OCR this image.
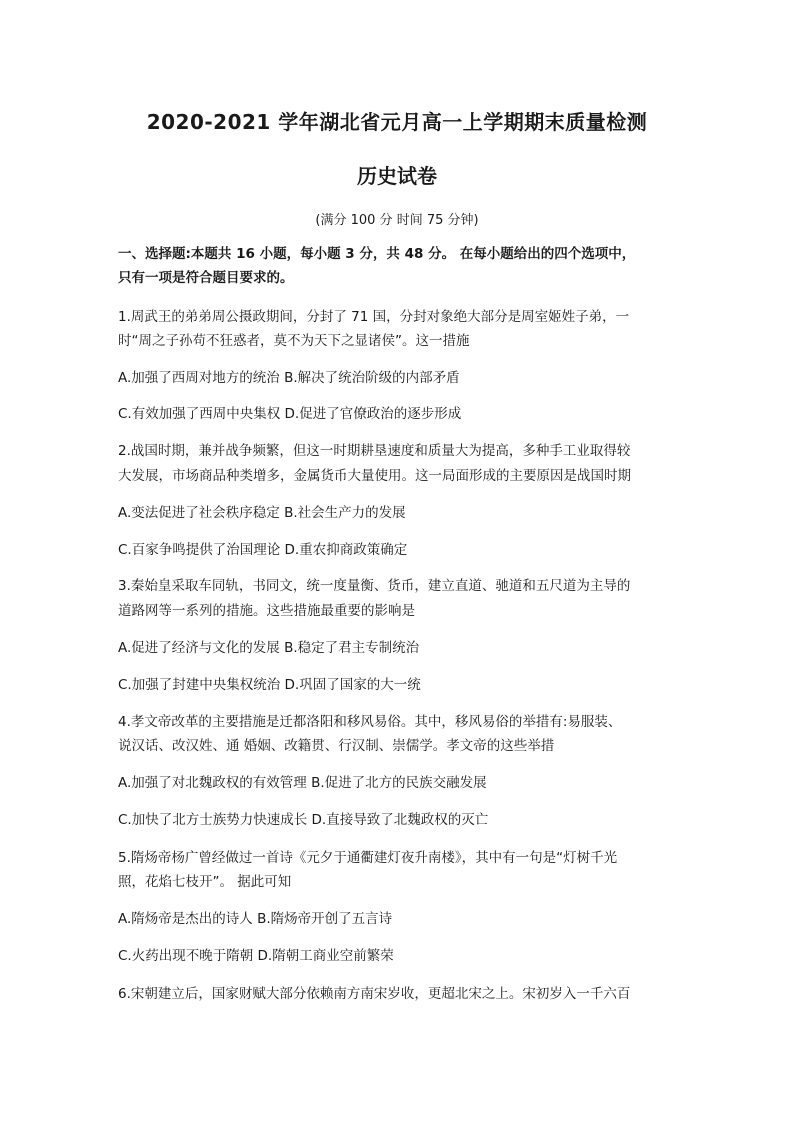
2020-2021 学年湖北省元月高一上学期期末质量检测
历史试卷
(满分 100 分 时间 75 分钟)
一、选择题:本题共 16 小题，每小题 3 分，共 48 分。 在每小题给出的四个选项中，
只有一项是符合题目要求的。
1.周武王的弟弟周公摄政期间，分封了 71 国，分封对象绝大部分是周室姬姓子弟，一
时“周之子孙苟不狂惑者，莫不为天下之显诸侯”。这一措施
A.加强了西周对地方的统治 B.解决了统治阶级的内部矛盾
C.有效加强了西周中央集权 D.促进了官僚政治的逐步形成
2.战国时期，兼并战争频繁，但这一时期耕垦速度和质量大为提高，多种手工业取得较
大发展，市场商品种类增多，金属货币大量使用。这一局面形成的主要原因是战国时期
A.变法促进了社会秩序稳定 B.社会生产力的发展
C.百家争鸣提供了治国理论 D.重农抑商政策确定
3.秦始皇采取车同轨，书同文，统一度量衡、货币，建立直道、驰道和五尺道为主导的
道路网等一系列的措施。这些措施最重要的影响是
A.促进了经济与文化的发展 B.稳定了君主专制统治
C.加强了封建中央集权统治 D.巩固了国家的大一统
4.孝文帝改革的主要措施是迁都洛阳和移风易俗。其中，移风易俗的举措有:易服装、
说汉话、改汉姓、通 婚姻、改籍贯、行汉制、崇儒学。孝文帝的这些举措
A.加强了对北魏政权的有效管理 B.促进了北方的民族交融发展
C.加快了北方士族势力快速成长 D.直接导致了北魏政权的灭亡
5.隋炀帝杨广曾经做过一首诗《元夕于通衢建灯夜升南楼》，其中有一句是“灯树千光
照，花焰七枝开”。 据此可知
A.隋炀帝是杰出的诗人 B.隋炀帝开创了五言诗
C.火药出现不晚于隋朝 D.隋朝工商业空前繁荣
6.宋朝建立后，国家财赋大部分依赖南方南宋岁收，更超北宋之上。宋初岁入一千六百
